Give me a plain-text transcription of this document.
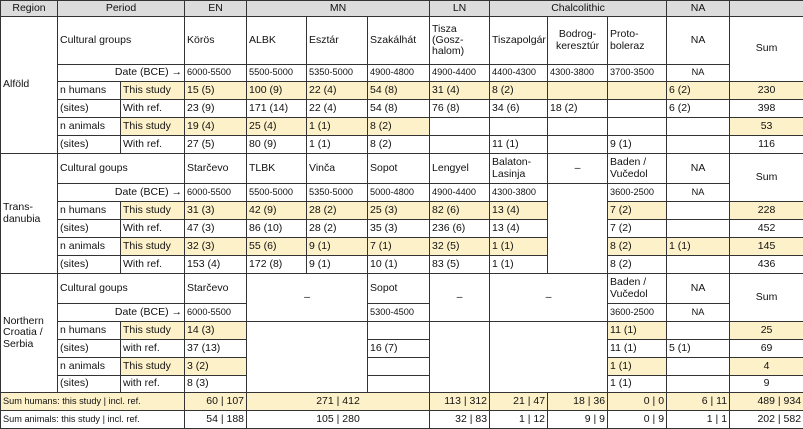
Region	Period		EN	MN			LN	Chalcolithic			NA	
Alföld	Cultural groups		Körös	ALBK	Esztár	Szakálhát	Tisza (Gosz-halom)	Tiszapolgár	Bodrog-keresztúr	Proto-boleraz	NA	Sum
	Date (BCE) →		6000-5500	5500-5000	5350-5000	4900-4800	4900-4400	4400-4300	4300-3800	3700-3500	NA	
	n humans	This study	15 (5)	100 (9)	22 (4)	54 (8)	31 (4)	8 (2)			6 (2)	230
	(sites)	With ref.	23 (9)	171 (14)	22 (4)	54 (8)	76 (8)	34 (6)	18 (2)		6 (2)	398
	n animals	This study	19 (4)	25 (4)	1 (1)	8 (2)						53
	(sites)	With ref.	27 (5)	80 (9)	1 (1)	8 (2)		11 (1)		9 (1)		116
Trans-danubia	Cultural goups		Starčevo	TLBK	Vinča	Sopot	Lengyel	Balaton-Lasinja	–	Baden / Vučedol	NA	Sum
	Date (BCE) →		6000-5500	5500-5000	5350-5000	5000-4800	4900-4400	4300-3800		3600-2500	NA	
	n humans	This study	31 (3)	42 (9)	28 (2)	25 (3)	82 (6)	13 (4)		7 (2)		228
	(sites)	With ref.	47 (3)	86 (10)	28 (2)	35 (3)	236 (6)	13 (4)		7 (2)		452
	n animals	This study	32 (3)	55 (6)	9 (1)	7 (1)	32 (5)	1 (1)		8 (2)	1 (1)	145
	(sites)	With ref.	153 (4)	172 (8)	9 (1)	10 (1)	83 (5)	1 (1)		8 (2)		436
Northern Croatia / Serbia	Cultural goups		Starčevo	–		Sopot	–	–		Baden / Vučedol	NA	Sum
	Date (BCE) →		6000-5500			5300-4500				3600-2500	NA	
	n humans	This study	14 (3)							11 (1)		25
	(sites)	with ref.	37 (13)			16 (7)				11 (1)	5 (1)	69
	n animals	This study	3 (2)							1 (1)		4
	(sites)	with ref.	8 (3)							1 (1)		9
Sum humans: this study | incl. ref.			60 | 107	271 | 412			113 | 312	21 | 47	18 | 36	0 | 0	6 | 11	489 | 934
Sum animals: this study | incl. ref.			54 | 188	105 | 280			32 | 83	1 | 12	9 | 9	0 | 9	1 | 1	202 | 582
